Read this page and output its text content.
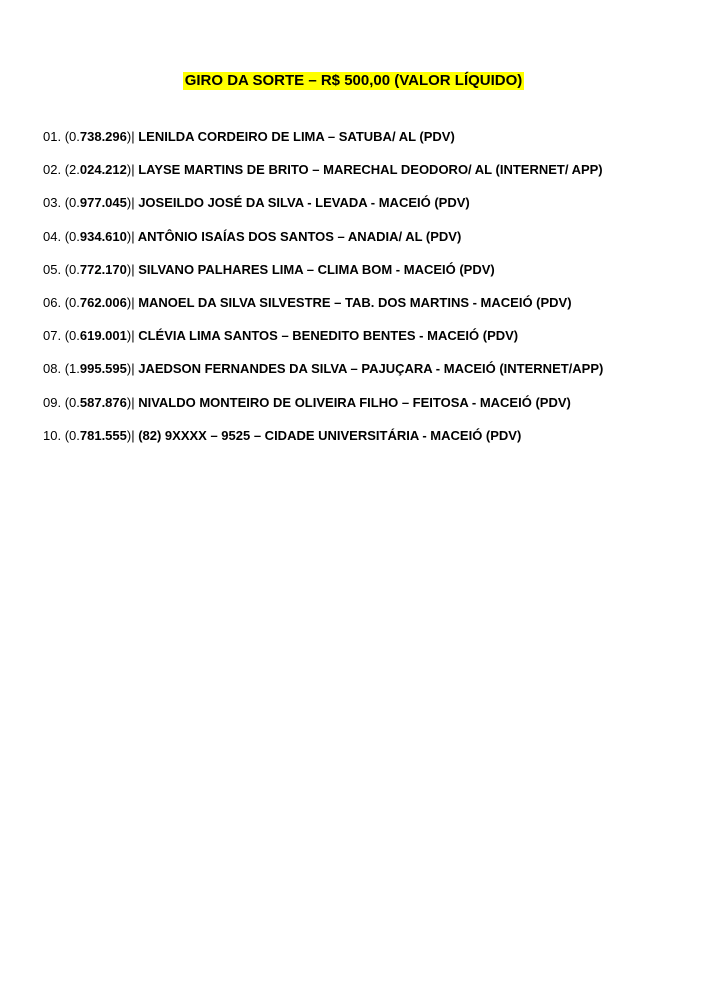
GIRO DA SORTE – R$ 500,00 (VALOR LÍQUIDO)
01. (0.738.296)| LENILDA CORDEIRO DE LIMA – SATUBA/ AL (PDV)
02. (2.024.212)| LAYSE MARTINS DE BRITO – MARECHAL DEODORO/ AL (INTERNET/ APP)
03. (0.977.045)| JOSEILDO JOSÉ DA SILVA - LEVADA - MACEIÓ (PDV)
04. (0.934.610)| ANTÔNIO ISAÍAS DOS SANTOS – ANADIA/ AL (PDV)
05. (0.772.170)| SILVANO PALHARES LIMA – CLIMA BOM - MACEIÓ (PDV)
06. (0.762.006)| MANOEL DA SILVA SILVESTRE – TAB. DOS MARTINS - MACEIÓ (PDV)
07. (0.619.001)| CLÉVIA LIMA SANTOS – BENEDITO BENTES - MACEIÓ (PDV)
08. (1.995.595)| JAEDSON FERNANDES DA SILVA – PAJUÇARA - MACEIÓ (INTERNET/APP)
09. (0.587.876)| NIVALDO MONTEIRO DE OLIVEIRA FILHO – FEITOSA - MACEIÓ (PDV)
10. (0.781.555)| (82) 9XXXX – 9525 – CIDADE UNIVERSITÁRIA - MACEIÓ (PDV)
